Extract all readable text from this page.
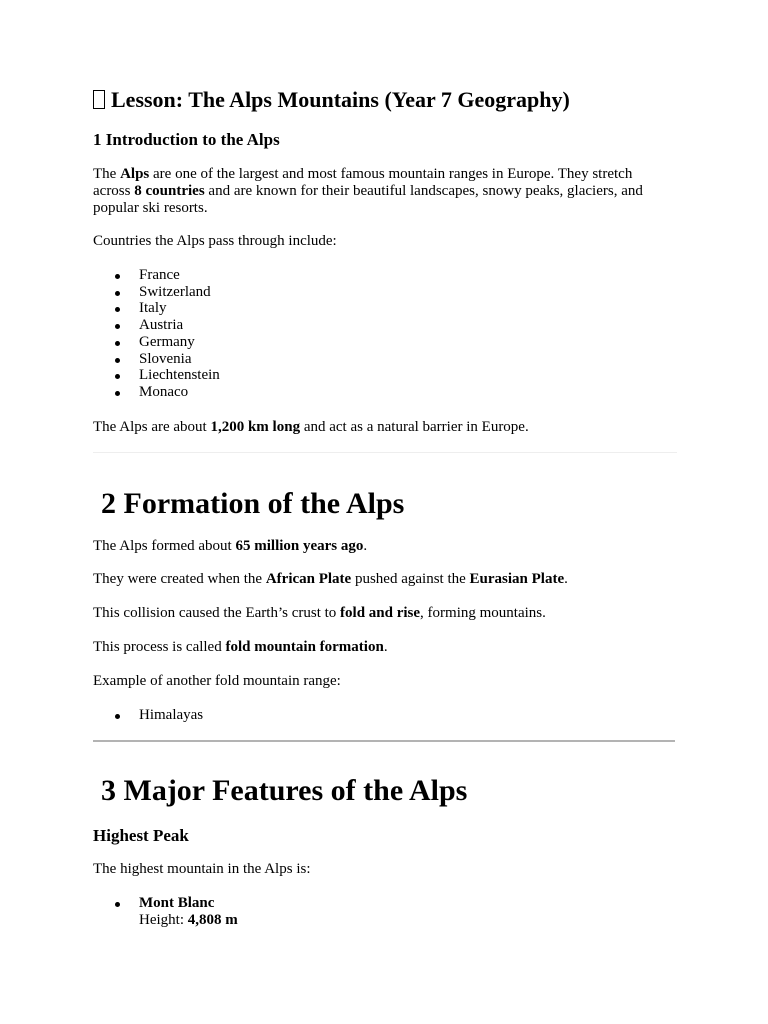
Lesson: The Alps Mountains (Year 7 Geography)
1 Introduction to the Alps

The Alps are one of the largest and most famous mountain ranges in Europe. They stretch across 8 countries and are known for their beautiful landscapes, snowy peaks, glaciers, and popular ski resorts.

Countries the Alps pass through include:

France
Switzerland
Italy
Austria
Germany
Slovenia
Liechtenstein
Monaco

The Alps are about 1,200 km long and act as a natural barrier in Europe.

2 Formation of the Alps

The Alps formed about 65 million years ago.

They were created when the African Plate pushed against the Eurasian Plate.

This collision caused the Earth’s crust to fold and rise, forming mountains.

This process is called fold mountain formation.

Example of another fold mountain range:

Himalayas
3 Major Features of the Alps
Highest Peak

The highest mountain in the Alps is:

Mont Blanc
Height: 4,808 m
